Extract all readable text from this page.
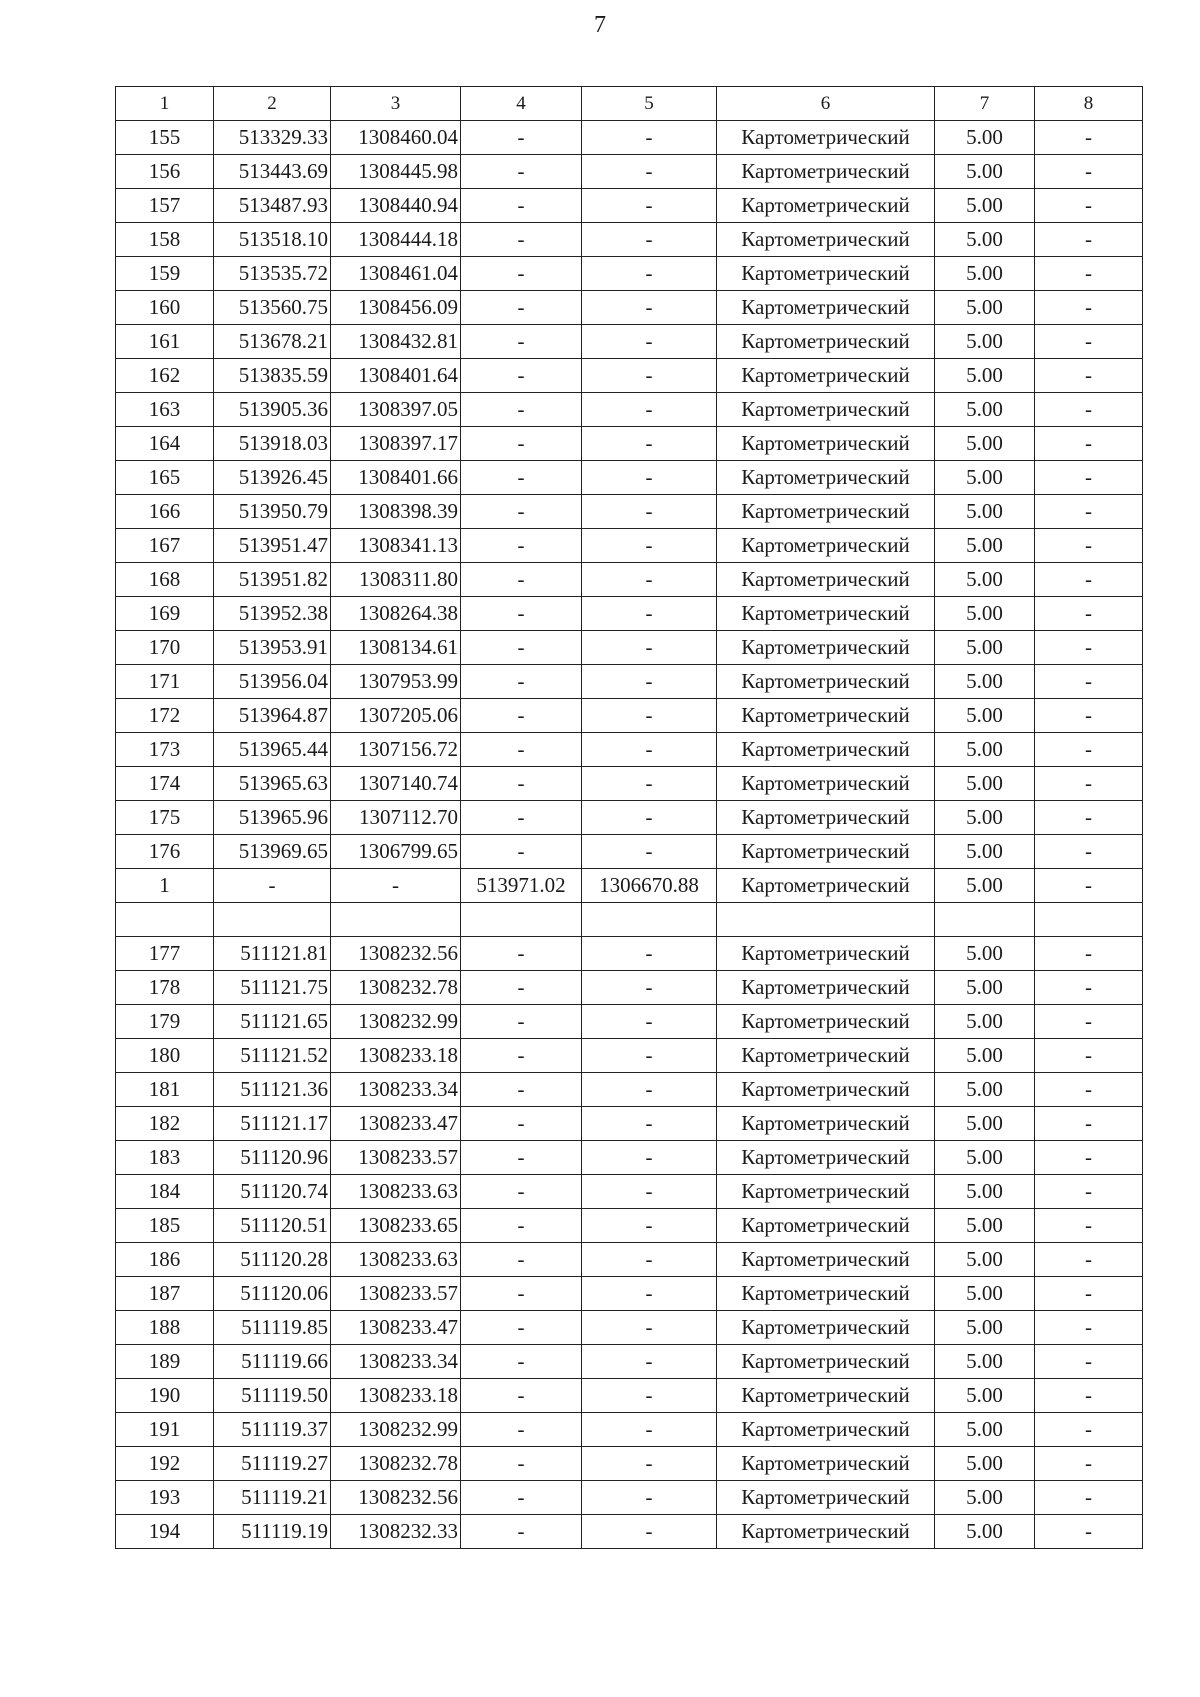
7
1	2	3	4	5	6	7	8
155	513329.33	1308460.04	-	-	Картометрический	5.00	-
156	513443.69	1308445.98	-	-	Картометрический	5.00	-
157	513487.93	1308440.94	-	-	Картометрический	5.00	-
158	513518.10	1308444.18	-	-	Картометрический	5.00	-
159	513535.72	1308461.04	-	-	Картометрический	5.00	-
160	513560.75	1308456.09	-	-	Картометрический	5.00	-
161	513678.21	1308432.81	-	-	Картометрический	5.00	-
162	513835.59	1308401.64	-	-	Картометрический	5.00	-
163	513905.36	1308397.05	-	-	Картометрический	5.00	-
164	513918.03	1308397.17	-	-	Картометрический	5.00	-
165	513926.45	1308401.66	-	-	Картометрический	5.00	-
166	513950.79	1308398.39	-	-	Картометрический	5.00	-
167	513951.47	1308341.13	-	-	Картометрический	5.00	-
168	513951.82	1308311.80	-	-	Картометрический	5.00	-
169	513952.38	1308264.38	-	-	Картометрический	5.00	-
170	513953.91	1308134.61	-	-	Картометрический	5.00	-
171	513956.04	1307953.99	-	-	Картометрический	5.00	-
172	513964.87	1307205.06	-	-	Картометрический	5.00	-
173	513965.44	1307156.72	-	-	Картометрический	5.00	-
174	513965.63	1307140.74	-	-	Картометрический	5.00	-
175	513965.96	1307112.70	-	-	Картометрический	5.00	-
176	513969.65	1306799.65	-	-	Картометрический	5.00	-
1	-	-	513971.02	1306670.88	Картометрический	5.00	-

177	511121.81	1308232.56	-	-	Картометрический	5.00	-
178	511121.75	1308232.78	-	-	Картометрический	5.00	-
179	511121.65	1308232.99	-	-	Картометрический	5.00	-
180	511121.52	1308233.18	-	-	Картометрический	5.00	-
181	511121.36	1308233.34	-	-	Картометрический	5.00	-
182	511121.17	1308233.47	-	-	Картометрический	5.00	-
183	511120.96	1308233.57	-	-	Картометрический	5.00	-
184	511120.74	1308233.63	-	-	Картометрический	5.00	-
185	511120.51	1308233.65	-	-	Картометрический	5.00	-
186	511120.28	1308233.63	-	-	Картометрический	5.00	-
187	511120.06	1308233.57	-	-	Картометрический	5.00	-
188	511119.85	1308233.47	-	-	Картометрический	5.00	-
189	511119.66	1308233.34	-	-	Картометрический	5.00	-
190	511119.50	1308233.18	-	-	Картометрический	5.00	-
191	511119.37	1308232.99	-	-	Картометрический	5.00	-
192	511119.27	1308232.78	-	-	Картометрический	5.00	-
193	511119.21	1308232.56	-	-	Картометрический	5.00	-
194	511119.19	1308232.33	-	-	Картометрический	5.00	-
